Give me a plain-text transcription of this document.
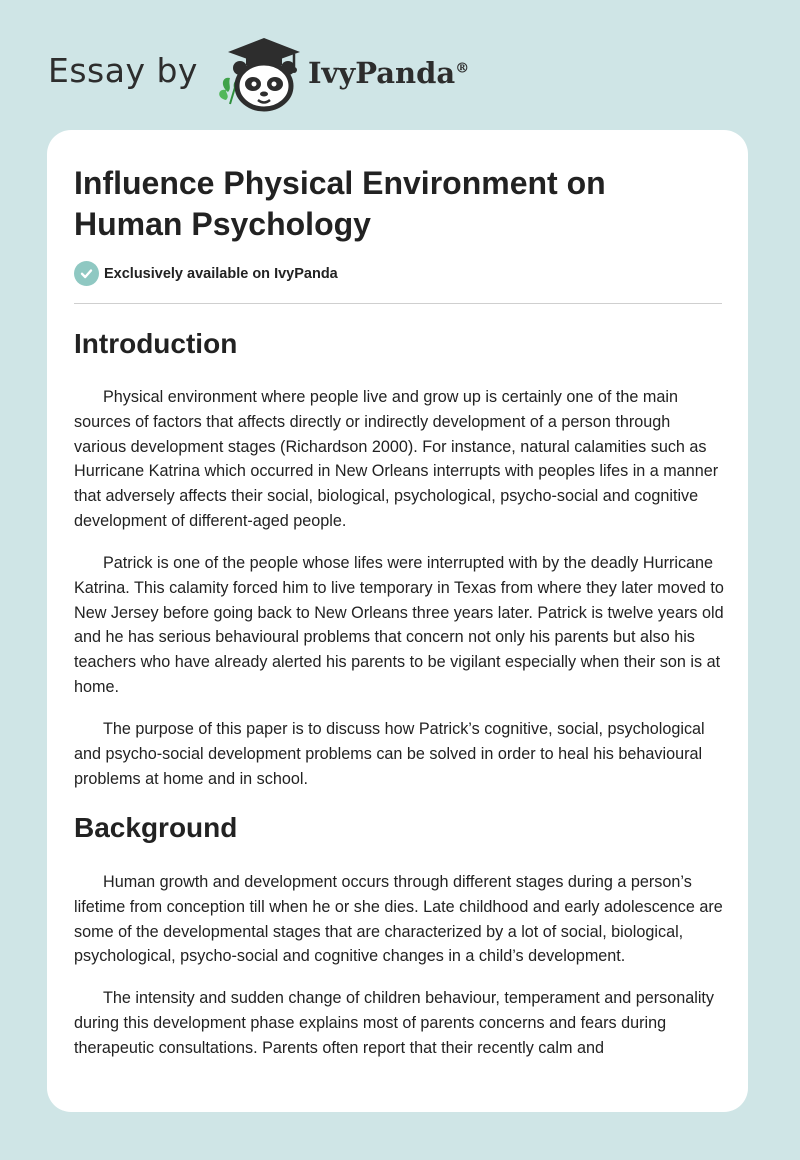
Essay by	IvyPanda®
Influence Physical Environment on Human Psychology
Exclusively available on IvyPanda
Introduction

Physical environment where people live and grow up is certainly one of the main sources of factors that affects directly or indirectly development of a person through various development stages (Richardson 2000). For instance, natural calamities such as Hurricane Katrina which occurred in New Orleans interrupts with peoples lifes in a manner that adversely affects their social, biological, psychological, psycho-social and cognitive development of different-aged people.

Patrick is one of the people whose lifes were interrupted with by the deadly Hurricane Katrina. This calamity forced him to live temporary in Texas from where they later moved to New Jersey before going back to New Orleans three years later. Patrick is twelve years old and he has serious behavioural problems that concern not only his parents but also his teachers who have already alerted his parents to be vigilant especially when their son is at home.

The purpose of this paper is to discuss how Patrick’s cognitive, social, psychological and psycho-social development problems can be solved in order to heal his behavioural problems at home and in school.

Background

Human growth and development occurs through different stages during a person’s lifetime from conception till when he or she dies. Late childhood and early adolescence are some of the developmental stages that are characterized by a lot of social, biological, psychological, psycho-social and cognitive changes in a child’s development.

The intensity and sudden change of children behaviour, temperament and personality during this development phase explains most of parents concerns and fears during therapeutic consultations. Parents often report that their recently calm and
